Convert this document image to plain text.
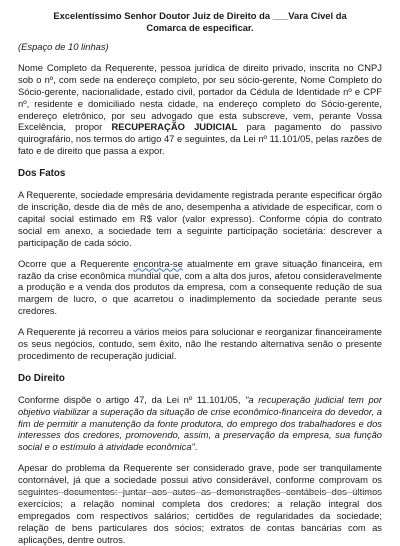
Excelentíssimo Senhor Doutor Juiz de Direito da ___Vara Cível da Comarca de especificar.
(Espaço de 10 linhas)

Nome Completo da Requerente, pessoa jurídica de direito privado, inscrita no CNPJ sob o nº, com sede na endereço completo, por seu sócio-gerente, Nome Completo do Sócio-gerente, nacionalidade, estado civil, portador da Cédula de Identidade nº e CPF nº, residente e domiciliado nesta cidade, na endereço completo do Sócio-gerente, endereço eletrônico, por seu advogado que esta subscreve, vem, perante Vossa Excelência, propor RECUPERAÇÃO JUDICIAL para pagamento do passivo quirografário, nos termos do artigo 47 e seguintes, da Lei nº 11.101/05, pelas razões de fato e de direito que passa a expor.

Dos Fatos

A Requerente, sociedade empresária devidamente registrada perante especificar órgão de inscrição, desde dia de mês de ano, desempenha a atividade de especificar, com o capital social estimado em R$ valor (valor expresso). Conforme cópia do contrato social em anexo, a sociedade tem a seguinte participação societária: descrever a participação de cada sócio.

Ocorre que a Requerente encontra-se atualmente em grave situação financeira, em razão da crise econômica mundial que, com a alta dos juros, afetou consideravelmente a produção e a venda dos produtos da empresa, com a consequente redução de sua margem de lucro, o que acarretou o inadimplemento da sociedade perante seus credores.

A Requerente já recorreu a vários meios para solucionar e reorganizar financeiramente os seus negócios, contudo, sem êxito, não lhe restando alternativa senão o presente procedimento de recuperação judicial.

Do Direito

Conforme dispõe o artigo 47, da Lei nº 11.101/05, "a recuperação judicial tem por objetivo viabilizar a superação da situação de crise econômico-financeira do devedor, a fim de permitir a manutenção da fonte produtora, do emprego dos trabalhadores e dos interesses dos credores, promovendo, assim, a preservação da empresa, sua função social e o estímulo à atividade econômica".

Apesar do problema da Requerente ser considerado grave, pode ser tranquilamente contornável, já que a sociedade possui ativo considerável, conforme comprovam os exercícios; a relação nominal completa dos credores; a relação integral dos empregados com respectivos salários; certidões de regularidades da sociedade; relação de bens particulares dos sócios; extratos de contas bancárias com as aplicações, dentre outros.
